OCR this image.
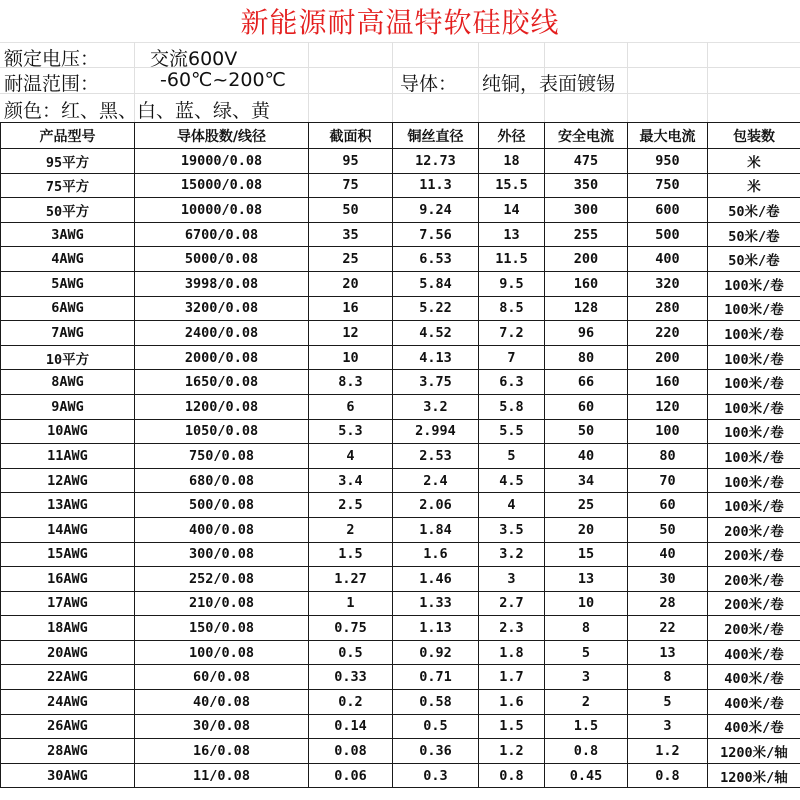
新能源耐高温特软硅胶线
额定电压：	交流600V
耐温范围：	-60℃~200℃	导体： 纯铜，表面镀锡
颜色：红、黑、白、蓝、绿、黄
产品型号	导体股数/线径	截面积	铜丝直径	外径	安全电流	最大电流	包装数
95平方	19000/0.08	95	12.73	18	475	950	米
75平方	15000/0.08	75	11.3	15.5	350	750	米
50平方	10000/0.08	50	9.24	14	300	600	50米/卷
3AWG	6700/0.08	35	7.56	13	255	500	50米/卷
4AWG	5000/0.08	25	6.53	11.5	200	400	50米/卷
5AWG	3998/0.08	20	5.84	9.5	160	320	100米/卷
6AWG	3200/0.08	16	5.22	8.5	128	280	100米/卷
7AWG	2400/0.08	12	4.52	7.2	96	220	100米/卷
10平方	2000/0.08	10	4.13	7	80	200	100米/卷
8AWG	1650/0.08	8.3	3.75	6.3	66	160	100米/卷
9AWG	1200/0.08	6	3.2	5.8	60	120	100米/卷
10AWG	1050/0.08	5.3	2.994	5.5	50	100	100米/卷
11AWG	750/0.08	4	2.53	5	40	80	100米/卷
12AWG	680/0.08	3.4	2.4	4.5	34	70	100米/卷
13AWG	500/0.08	2.5	2.06	4	25	60	100米/卷
14AWG	400/0.08	2	1.84	3.5	20	50	200米/卷
15AWG	300/0.08	1.5	1.6	3.2	15	40	200米/卷
16AWG	252/0.08	1.27	1.46	3	13	30	200米/卷
17AWG	210/0.08	1	1.33	2.7	10	28	200米/卷
18AWG	150/0.08	0.75	1.13	2.3	8	22	200米/卷
20AWG	100/0.08	0.5	0.92	1.8	5	13	400米/卷
22AWG	60/0.08	0.33	0.71	1.7	3	8	400米/卷
24AWG	40/0.08	0.2	0.58	1.6	2	5	400米/卷
26AWG	30/0.08	0.14	0.5	1.5	1.5	3	400米/卷
28AWG	16/0.08	0.08	0.36	1.2	0.8	1.2	1200米/轴
30AWG	11/0.08	0.06	0.3	0.8	0.45	0.8	1200米/轴
